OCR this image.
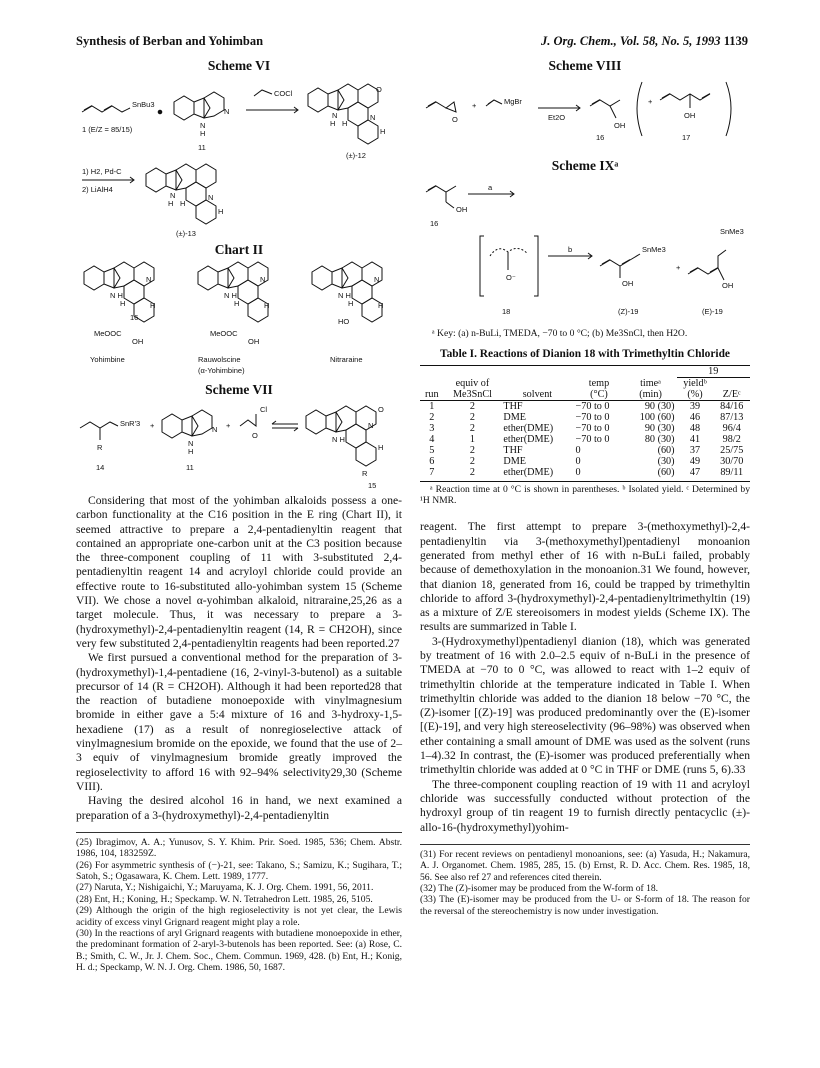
Synthesis of Berban and Yohimban	J. Org. Chem., Vol. 58, No. 5, 1993 1139

Scheme VI

SnBu3
1 (E/Z = 85/15)	N
H
N
11
COCl	O
N
H H
N
H
(±)-12
1) H2, Pd-C
2) LiAlH4
N
H H
N
H
(±)-13

Chart II

N
N H
H	H
16
MeOOC
OH
Yohimbine
N
N H
H	H
MeOOC
OH
Rauwolscine
(α-Yohimbine)
N
N H
H	H
HO
Nitraraine

Scheme VII

SnR'3
R
14
+
N
H
N
11
+
Cl
O
O
N
N H
H
R
15

Considering that most of the yohimban alkaloids possess a one-carbon functionality at the C16 position in the E ring (Chart II), it seemed attractive to prepare a 2,4-pentadienyltin reagent that contained an appropriate one-carbon unit at the C3 position because the three-component coupling of 11 with 3-substituted 2,4-pentadienyltin reagent 14 and acryloyl chloride could provide an effective route to 16-substituted allo-yohimban system 15 (Scheme VII). We chose a novel α-yohimban alkaloid, nitraraine,25,26 as a target molecule. Thus, it was necessary to prepare a 3-(hydroxymethyl)-2,4-pentadienyltin reagent (14, R = CH2OH), since very few substituted 2,4-pentadienyltin reagents had been reported.27

We first pursued a conventional method for the preparation of 3-(hydroxymethyl)-1,4-pentadiene (16, 2-vinyl-3-butenol) as a suitable precursor of 14 (R = CH2OH). Although it had been reported28 that the reaction of butadiene monoepoxide with vinylmagnesium bromide in either gave a 5:4 mixture of 16 and 3-hydroxy-1,5-hexadiene (17) as a result of nonregioselective attack of vinylmagnesium bromide on the epoxide, we found that the use of 2–3 equiv of vinylmagnesium bromide greatly improved the regioselectivity to afford 16 with 92–94% selectivity29,30 (Scheme VIII).

Having the desired alcohol 16 in hand, we next examined a preparation of a 3-(hydroxymethyl)-2,4-pentadienyltin

(25) Ibragimov, A. A.; Yunusov, S. Y. Khim. Prir. Soed. 1985, 536; Chem. Abstr. 1986, 104, 183259Z.

(26) For asymmetric synthesis of (−)-21, see: Takano, S.; Samizu, K.; Sugihara, T.; Satoh, S.; Ogasawara, K. Chem. Lett. 1989, 1777.

(27) Naruta, Y.; Nishigaichi, Y.; Maruyama, K. J. Org. Chem. 1991, 56, 2011.

(28) Ent, H.; Koning, H.; Speckamp. W. N. Tetrahedron Lett. 1985, 26, 5105.

(29) Although the origin of the high regioselectivity is not yet clear, the Lewis acidity of excess vinyl Grignard reagent might play a role.

(30) In the reactions of aryl Grignard reagents with butadiene monoepoxide in ether, the predominant formation of 2-aryl-3-butenols has been reported. See: (a) Rose, C. B.; Smith, C. W., Jr. J. Chem. Soc., Chem. Commun. 1969, 428. (b) Ent, H.; Konig, H. d.; Speckamp, W. N. J. Org. Chem. 1986, 50, 1687.

Scheme VIII

O
+	MgBr
Et2O
OH
16
+
OH
17

Scheme IXᵃ

OH
16
a
O⁻
18
b	SnMe3
OH
(Z)-19
+
SnMe3
OH
(E)-19

ᵃ Key: (a) n-BuLi, TMEDA, −70 to 0 °C; (b) Me3SnCl, then H2O.

Table I. Reactions of Dianion 18 with Trimethyltin Chloride

					19	
	equiv of		temp	timeᵃ	yieldᵇ	
run	Me3SnCl	solvent	(°C)	(min)	(%)	Z/Eᶜ
1	2	THF	−70 to 0	90 (30)	39	84/16
2	2	DME	−70 to 0	100 (60)	46	87/13
3	2	ether(DME)	−70 to 0	90 (30)	48	96/4
4	1	ether(DME)	−70 to 0	80 (30)	41	98/2
5	2	THF	0	(60)	37	25/75
6	2	DME	0	(30)	49	30/70
7	2	ether(DME)	0	(60)	47	89/11

ᵃ Reaction time at 0 °C is shown in parentheses. ᵇ Isolated yield. ᶜ Determined by ¹H NMR.

reagent. The first attempt to prepare 3-(methoxymethyl)-2,4-pentadienyltin via 3-(methoxymethyl)pentadienyl monoanion generated from methyl ether of 16 with n-BuLi failed, probably because of demethoxylation in the monoanion.31 We found, however, that dianion 18, generated from 16, could be trapped by trimethyltin chloride to afford 3-(hydroxymethyl)-2,4-pentadienyltrimethyltin (19) as a mixture of Z/E stereoisomers in modest yields (Scheme IX). The results are summarized in Table I.

3-(Hydroxymethyl)pentadienyl dianion (18), which was generated by treatment of 16 with 2.0–2.5 equiv of n-BuLi in the presence of TMEDA at −70 to 0 °C, was allowed to react with 1–2 equiv of trimethyltin chloride at the temperature indicated in Table I. When trimethyltin chloride was added to the dianion 18 below −70 °C, the (Z)-isomer [(Z)-19] was produced predominantly over the (E)-isomer [(E)-19], and very high stereoselectivity (96–98%) was observed when ether containing a small amount of DME was used as the solvent (runs 1–4).32 In contrast, the (E)-isomer was produced preferentially when trimethyltin chloride was added at 0 °C in THF or DME (runs 5, 6).33

The three-component coupling reaction of 19 with 11 and acryloyl chloride was successfully conducted without protection of the hydroxyl group of tin reagent 19 to furnish directly pentacyclic (±)-allo-16-(hydroxymethyl)yohim-

(31) For recent reviews on pentadienyl monoanions, see: (a) Yasuda, H.; Nakamura, A. J. Organomet. Chem. 1985, 285, 15. (b) Ernst, R. D. Acc. Chem. Res. 1985, 18, 56. See also ref 27 and references cited therein.

(32) The (Z)-isomer may be produced from the W-form of 18.

(33) The (E)-isomer may be produced from the U- or S-form of 18. The reason for the reversal of the stereochemistry is now under investigation.
